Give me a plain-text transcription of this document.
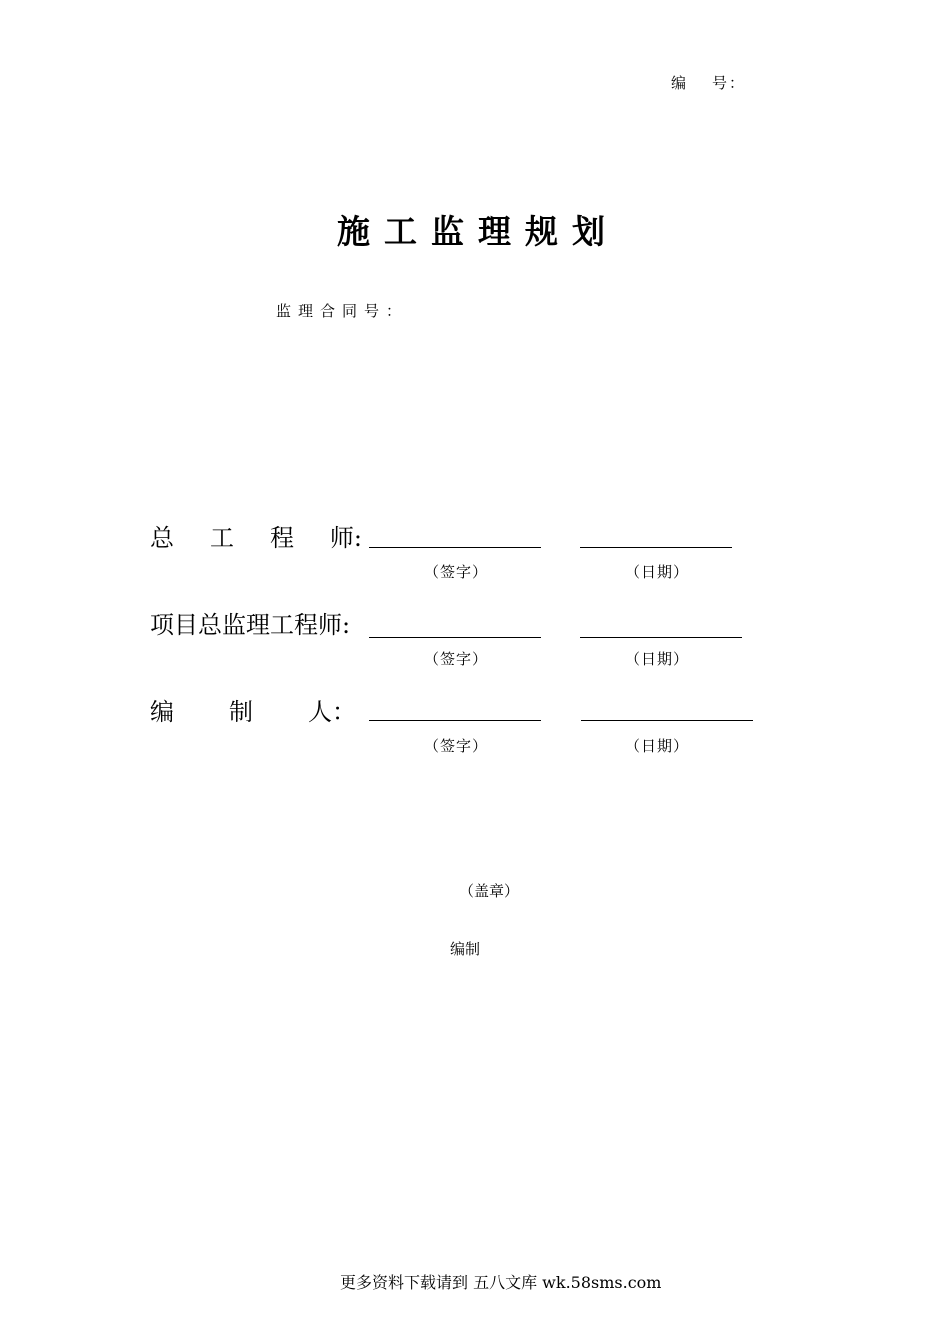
编 号：
施工监理规划
监理合同号：
总 工 程 师:
（签字）	（日期）
项目总监理工程师:
（签字）	（日期）
编 制 人：
（签字）	（日期）
（盖章）
编制
更多资料下载请到 五八文库 wk.58sms.com
